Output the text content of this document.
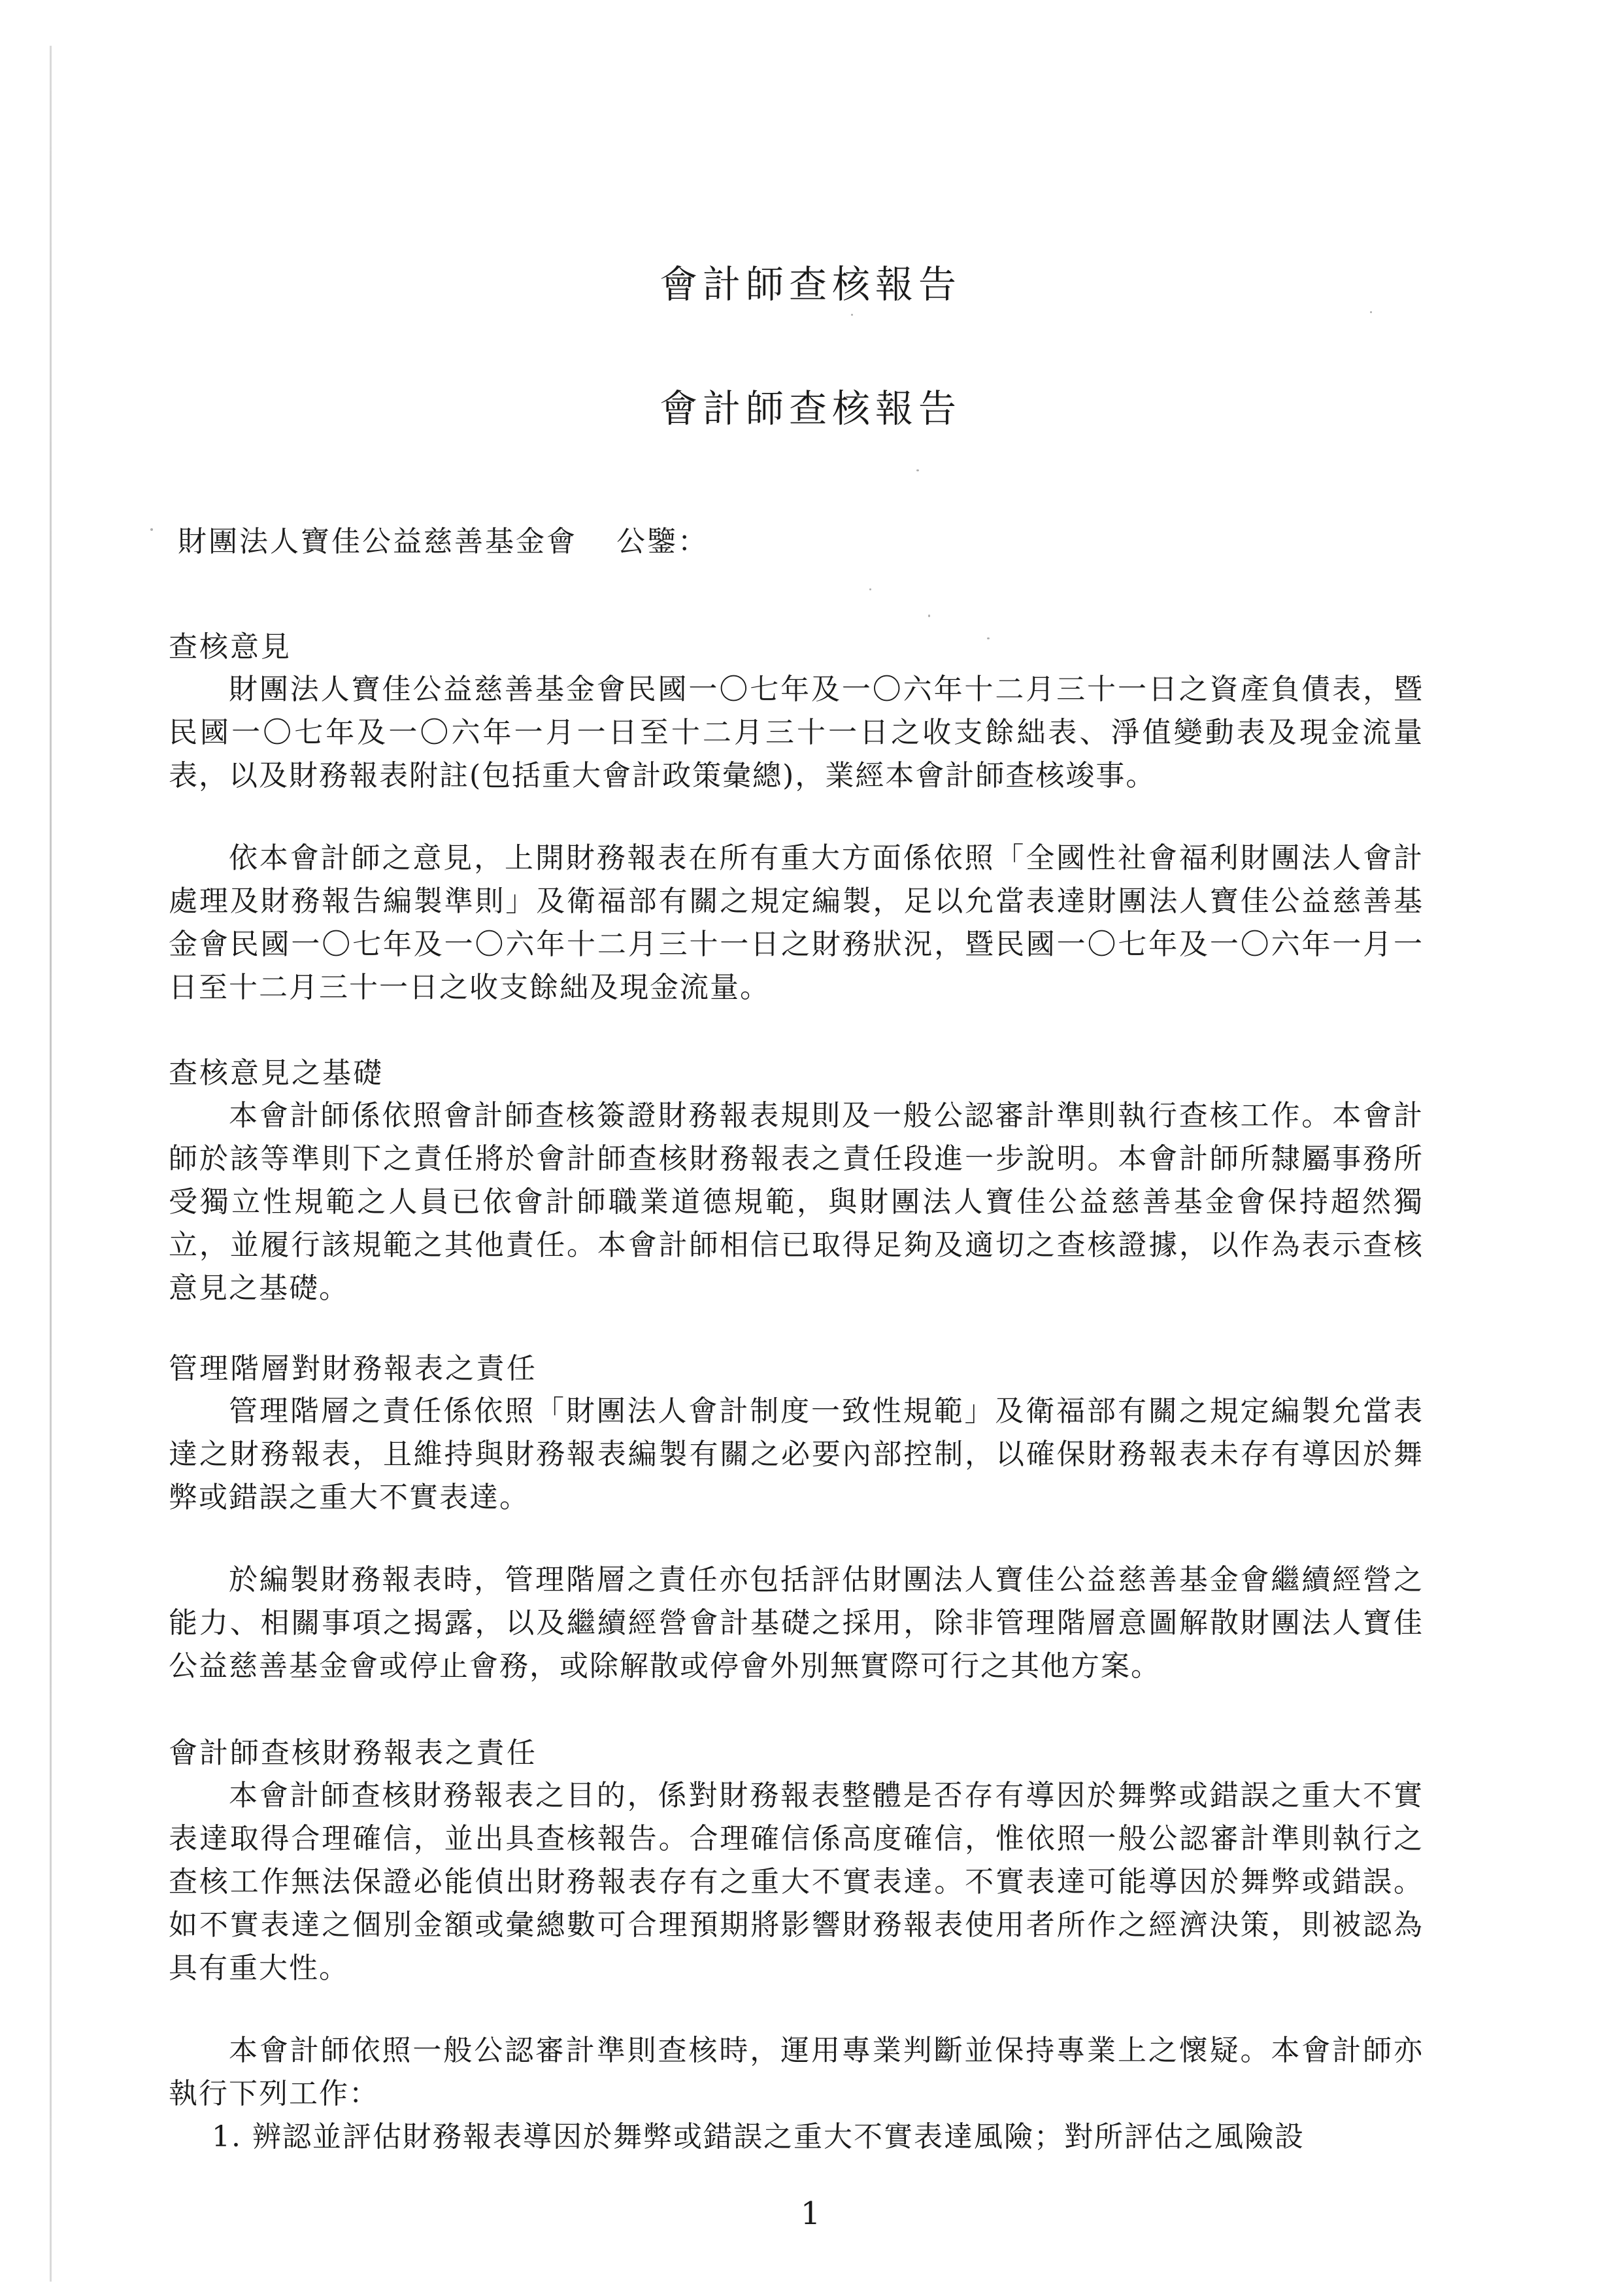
會計師查核報告
會計師查核報告
財團法人寶佳公益慈善基金會 公鑒：

查核意見

財團法人寶佳公益慈善基金會民國一〇七年及一〇六年十二月三十一日之資產負債表，暨民國一〇七年及一〇六年一月一日至十二月三十一日之收支餘絀表、淨值變動表及現金流量表，以及財務報表附註(包括重大會計政策彙總)，業經本會計師查核竣事。

依本會計師之意見，上開財務報表在所有重大方面係依照「全國性社會福利財團法人會計處理及財務報告編製準則」及衛福部有關之規定編製，足以允當表達財團法人寶佳公益慈善基金會民國一〇七年及一〇六年十二月三十一日之財務狀況，暨民國一〇七年及一〇六年一月一日至十二月三十一日之收支餘絀及現金流量。

查核意見之基礎

本會計師係依照會計師查核簽證財務報表規則及一般公認審計準則執行查核工作。本會計師於該等準則下之責任將於會計師查核財務報表之責任段進一步說明。本會計師所隸屬事務所受獨立性規範之人員已依會計師職業道德規範，與財團法人寶佳公益慈善基金會保持超然獨立，並履行該規範之其他責任。本會計師相信已取得足夠及適切之查核證據，以作為表示查核意見之基礎。

管理階層對財務報表之責任

管理階層之責任係依照「財團法人會計制度一致性規範」及衛福部有關之規定編製允當表達之財務報表，且維持與財務報表編製有關之必要內部控制，以確保財務報表未存有導因於舞弊或錯誤之重大不實表達。

於編製財務報表時，管理階層之責任亦包括評估財團法人寶佳公益慈善基金會繼續經營之能力、相關事項之揭露，以及繼續經營會計基礎之採用，除非管理階層意圖解散財團法人寶佳公益慈善基金會或停止會務，或除解散或停會外別無實際可行之其他方案。

會計師查核財務報表之責任

本會計師查核財務報表之目的，係對財務報表整體是否存有導因於舞弊或錯誤之重大不實表達取得合理確信，並出具查核報告。合理確信係高度確信，惟依照一般公認審計準則執行之查核工作無法保證必能偵出財務報表存有之重大不實表達。不實表達可能導因於舞弊或錯誤。如不實表達之個別金額或彙總數可合理預期將影響財務報表使用者所作之經濟決策，則被認為具有重大性。

本會計師依照一般公認審計準則查核時，運用專業判斷並保持專業上之懷疑。本會計師亦執行下列工作：

1. 辨認並評估財務報表導因於舞弊或錯誤之重大不實表達風險；對所評估之風險設

1
